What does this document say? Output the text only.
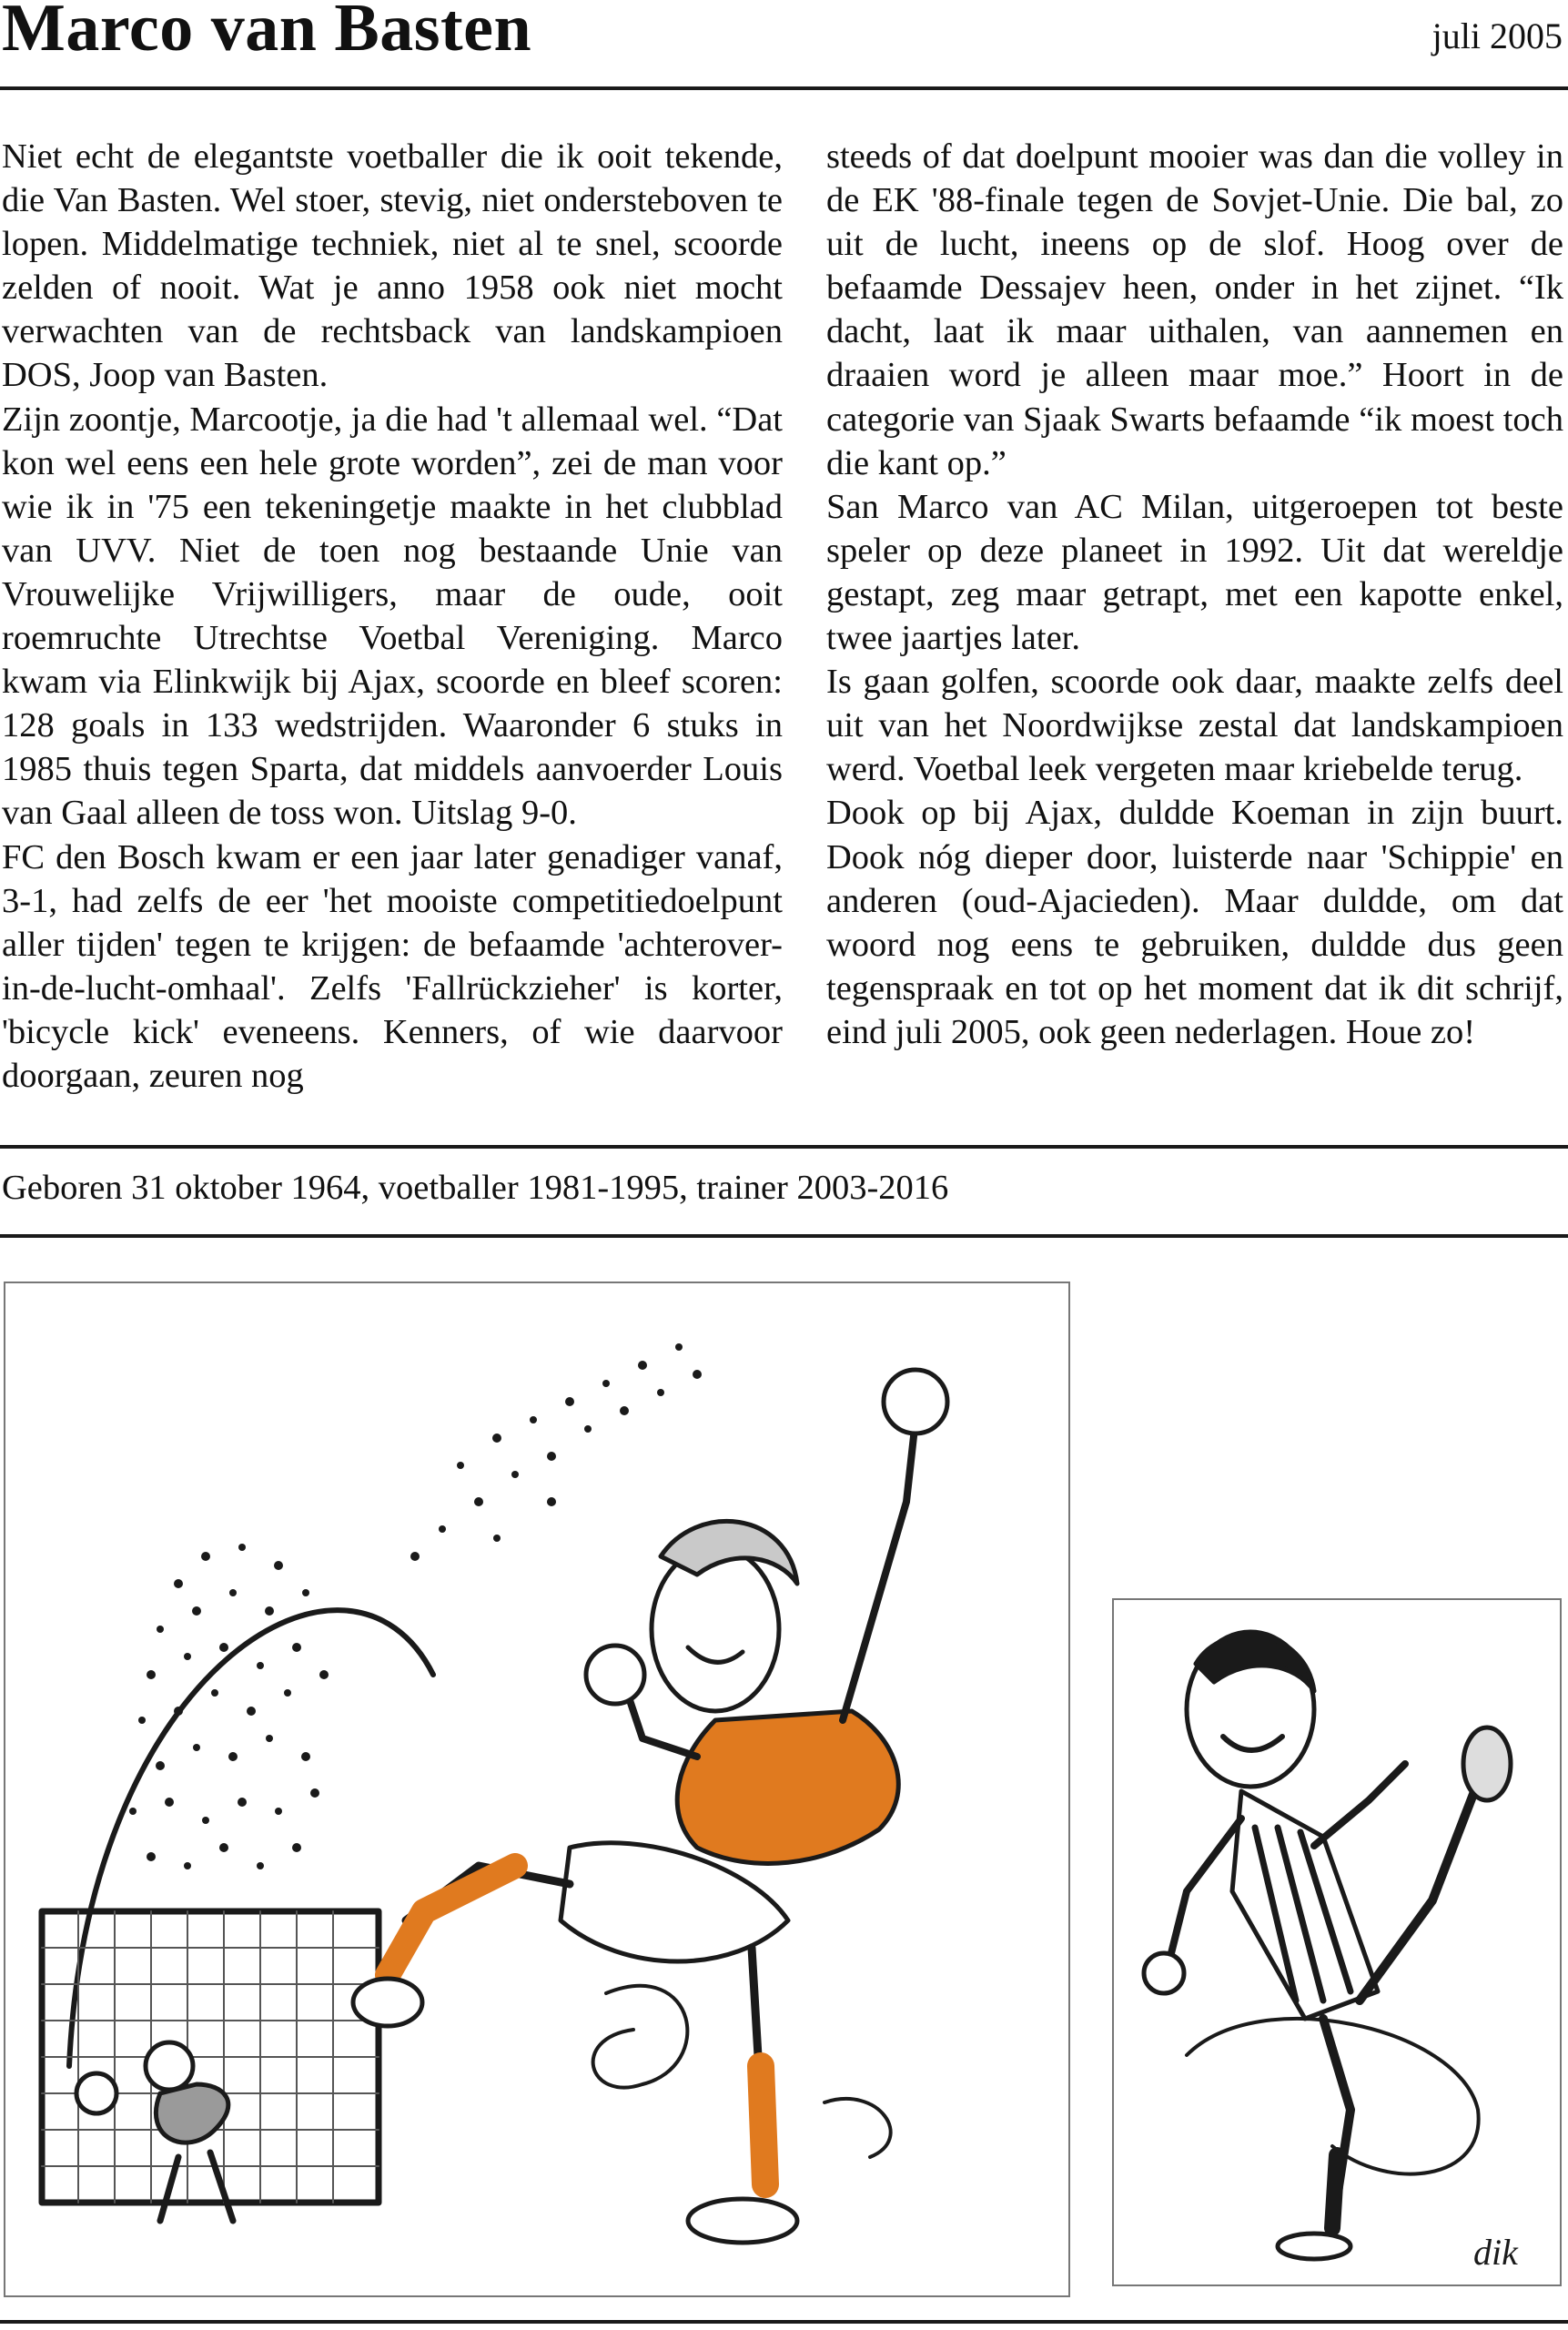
Marco van Basten	juli 2005

Niet echt de elegantste voetballer die ik ooit tekende, die Van Basten. Wel stoer, stevig, niet ondersteboven te lopen. Middelmatige techniek, niet al te snel, scoorde zelden of nooit. Wat je anno 1958 ook niet mocht verwachten van de rechtsback van landskampioen DOS, Joop van Basten.

Zijn zoontje, Marcootje, ja die had 't allemaal wel. “Dat kon wel eens een hele grote worden”, zei de man voor wie ik in '75 een tekeningetje maakte in het clubblad van UVV. Niet de toen nog bestaande Unie van Vrouwelijke Vrijwilligers, maar de oude, ooit roemruchte Utrechtse Voetbal Vereniging. Marco kwam via Elinkwijk bij Ajax, scoorde en bleef scoren: 128 goals in 133 wedstrijden. Waaronder 6 stuks in 1985 thuis tegen Sparta, dat middels aanvoerder Louis van Gaal alleen de toss won. Uitslag 9-0.

FC den Bosch kwam er een jaar later genadiger vanaf, 3-1, had zelfs de eer 'het mooiste competitiedoelpunt aller tijden' tegen te krijgen: de befaamde 'achterover-in-de-lucht-omhaal'. Zelfs 'Fallrückzieher' is korter, 'bicycle kick' eveneens. Kenners, of wie daarvoor doorgaan, zeuren nog

steeds of dat doelpunt mooier was dan die volley in de EK '88-finale tegen de Sovjet-Unie. Die bal, zo uit de lucht, ineens op de slof. Hoog over de befaamde Dessajev heen, onder in het zijnet. “Ik dacht, laat ik maar uithalen, van aannemen en draaien word je alleen maar moe.” Hoort in de categorie van Sjaak Swarts befaamde “ik moest toch die kant op.”

San Marco van AC Milan, uitgeroepen tot beste speler op deze planeet in 1992. Uit dat wereldje gestapt, zeg maar getrapt, met een kapotte enkel, twee jaartjes later.

Is gaan golfen, scoorde ook daar, maakte zelfs deel uit van het Noordwijkse zestal dat landskampioen werd. Voetbal leek vergeten maar kriebelde terug.

Dook op bij Ajax, duldde Koeman in zijn buurt. Dook nóg dieper door, luisterde naar 'Schippie' en anderen (oud-Ajacieden). Maar duldde, om dat woord nog eens te gebruiken, duldde dus geen tegenspraak en tot op het moment dat ik dit schrijf, eind juli 2005, ook geen nederlagen. Houe zo!

Geboren 31 oktober 1964, voetballer 1981-1995, trainer 2003-2016
dik
